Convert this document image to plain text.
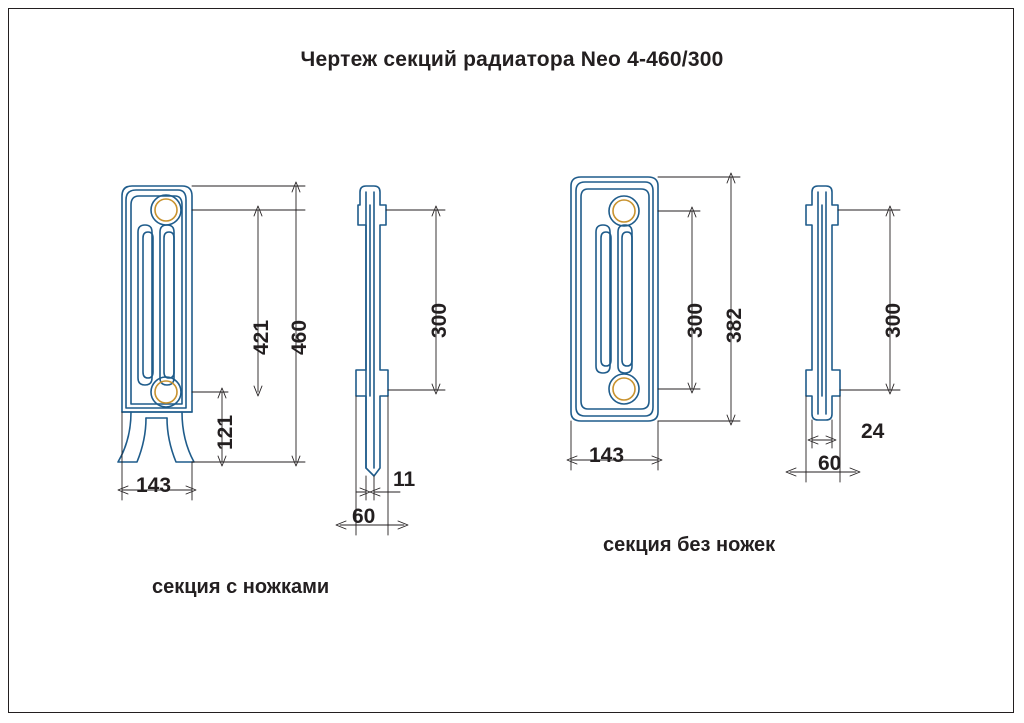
Чертеж секций радиатора Neo 4-460/300
421 460
121
143
300
11
60
300 382
143
300
24
60
секция с ножками
секция без ножек
